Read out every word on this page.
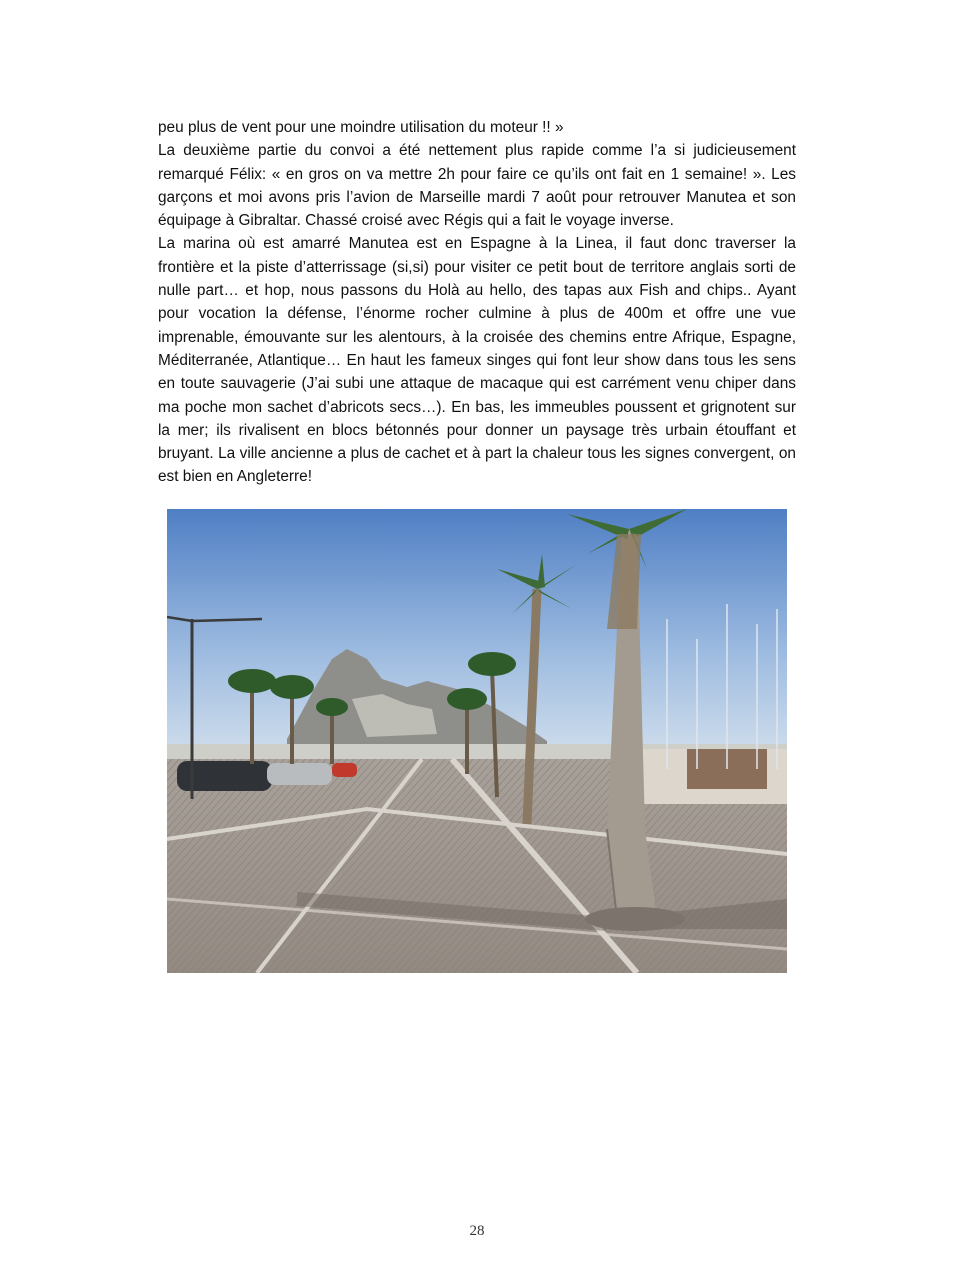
peu plus de vent pour une moindre utilisation du moteur !! »

La deuxième partie du convoi a été nettement plus rapide comme l’a si judicieusement remarqué Félix: « en gros on va mettre 2h pour faire ce qu’ils ont fait en 1 semaine! ». Les garçons et moi avons pris l’avion de Marseille mardi 7 août pour retrouver Manutea et son équipage à Gibraltar. Chassé croisé avec Régis qui a fait le voyage inverse.

La marina où est amarré Manutea est en Espagne à la Linea, il faut donc traverser la frontière et la piste d’atterrissage (si,si) pour visiter ce petit bout de territore anglais sorti de nulle part… et hop, nous passons du Holà au hello, des tapas aux Fish and chips.. Ayant pour vocation la défense, l’énorme rocher culmine à plus de 400m et offre une vue imprenable, émouvante sur les alentours, à la croisée des chemins entre Afrique, Espagne, Méditerranée, Atlantique… En haut les fameux singes qui font leur show dans tous les sens en toute sauvagerie (J’ai subi une attaque de macaque qui est carrément venu chiper dans ma poche mon sachet d’abricots secs…). En bas, les immeubles poussent et grignotent sur la mer; ils rivalisent en blocs bétonnés pour donner un paysage très urbain étouffant et bruyant. La ville ancienne a plus de cachet et à part la chaleur tous les signes convergent, on est bien en Angleterre!

28
